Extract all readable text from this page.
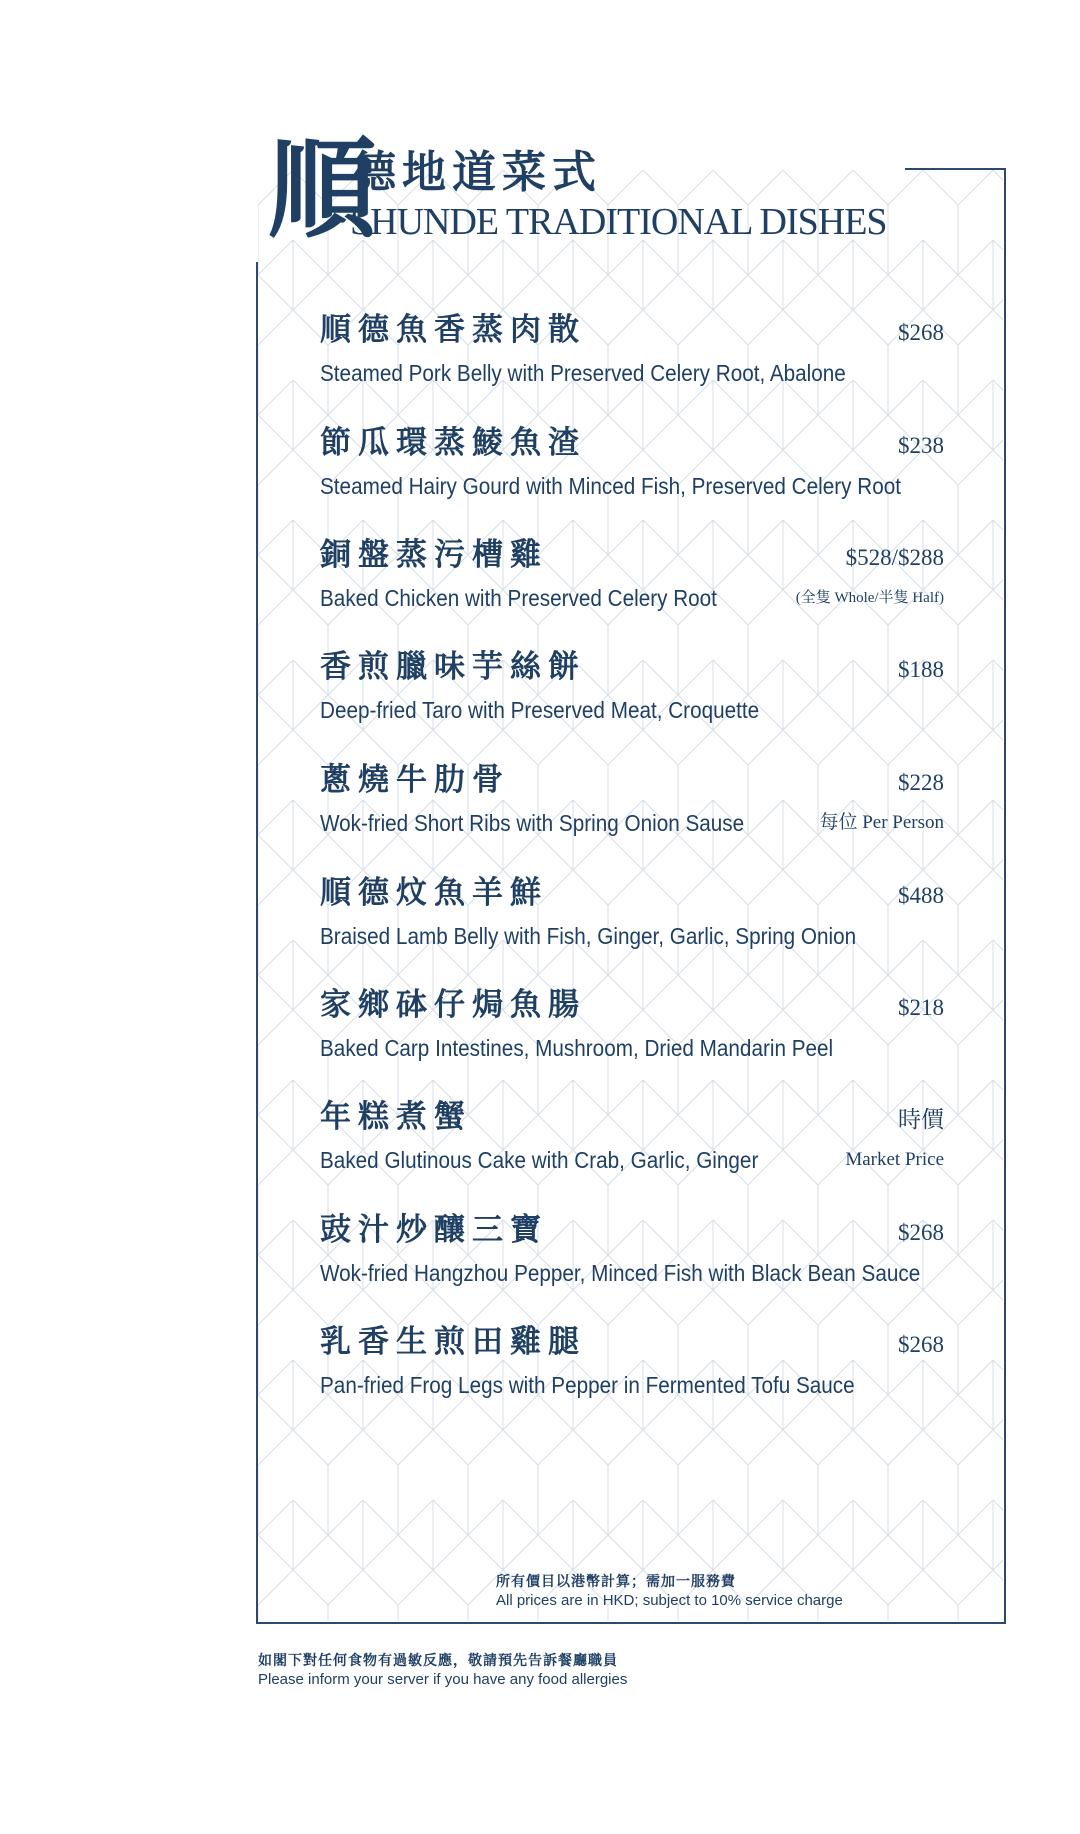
順
德地道菜式
SHUNDE TRADITIONAL DISHES
順德魚香蒸肉散	$268
Steamed Pork Belly with Preserved Celery Root, Abalone
節瓜環蒸鯪魚渣	$238
Steamed Hairy Gourd with Minced Fish, Preserved Celery Root
銅盤蒸污槽雞	$528/$288
Baked Chicken with Preserved Celery Root	(全隻 Whole/半隻 Half)
香煎臘味芋絲餅	$188
Deep-fried Taro with Preserved Meat, Croquette
蔥燒牛肋骨	$228
Wok-fried Short Ribs with Spring Onion Sause	每位 Per Person
順德炆魚羊鮮	$488
Braised Lamb Belly with Fish, Ginger, Garlic, Spring Onion
家鄉砵仔焗魚腸	$218
Baked Carp Intestines, Mushroom, Dried Mandarin Peel
年糕煮蟹	時價
Baked Glutinous Cake with Crab, Garlic, Ginger	Market Price
豉汁炒釀三寶	$268
Wok-fried Hangzhou Pepper, Minced Fish with Black Bean Sauce
乳香生煎田雞腿	$268
Pan-fried Frog Legs with Pepper in Fermented Tofu Sauce
所有價目以港幣計算；需加一服務費
All prices are in HKD; subject to 10% service charge
如閣下對任何食物有過敏反應，敬請預先告訴餐廳職員
Please inform your server if you have any food allergies
